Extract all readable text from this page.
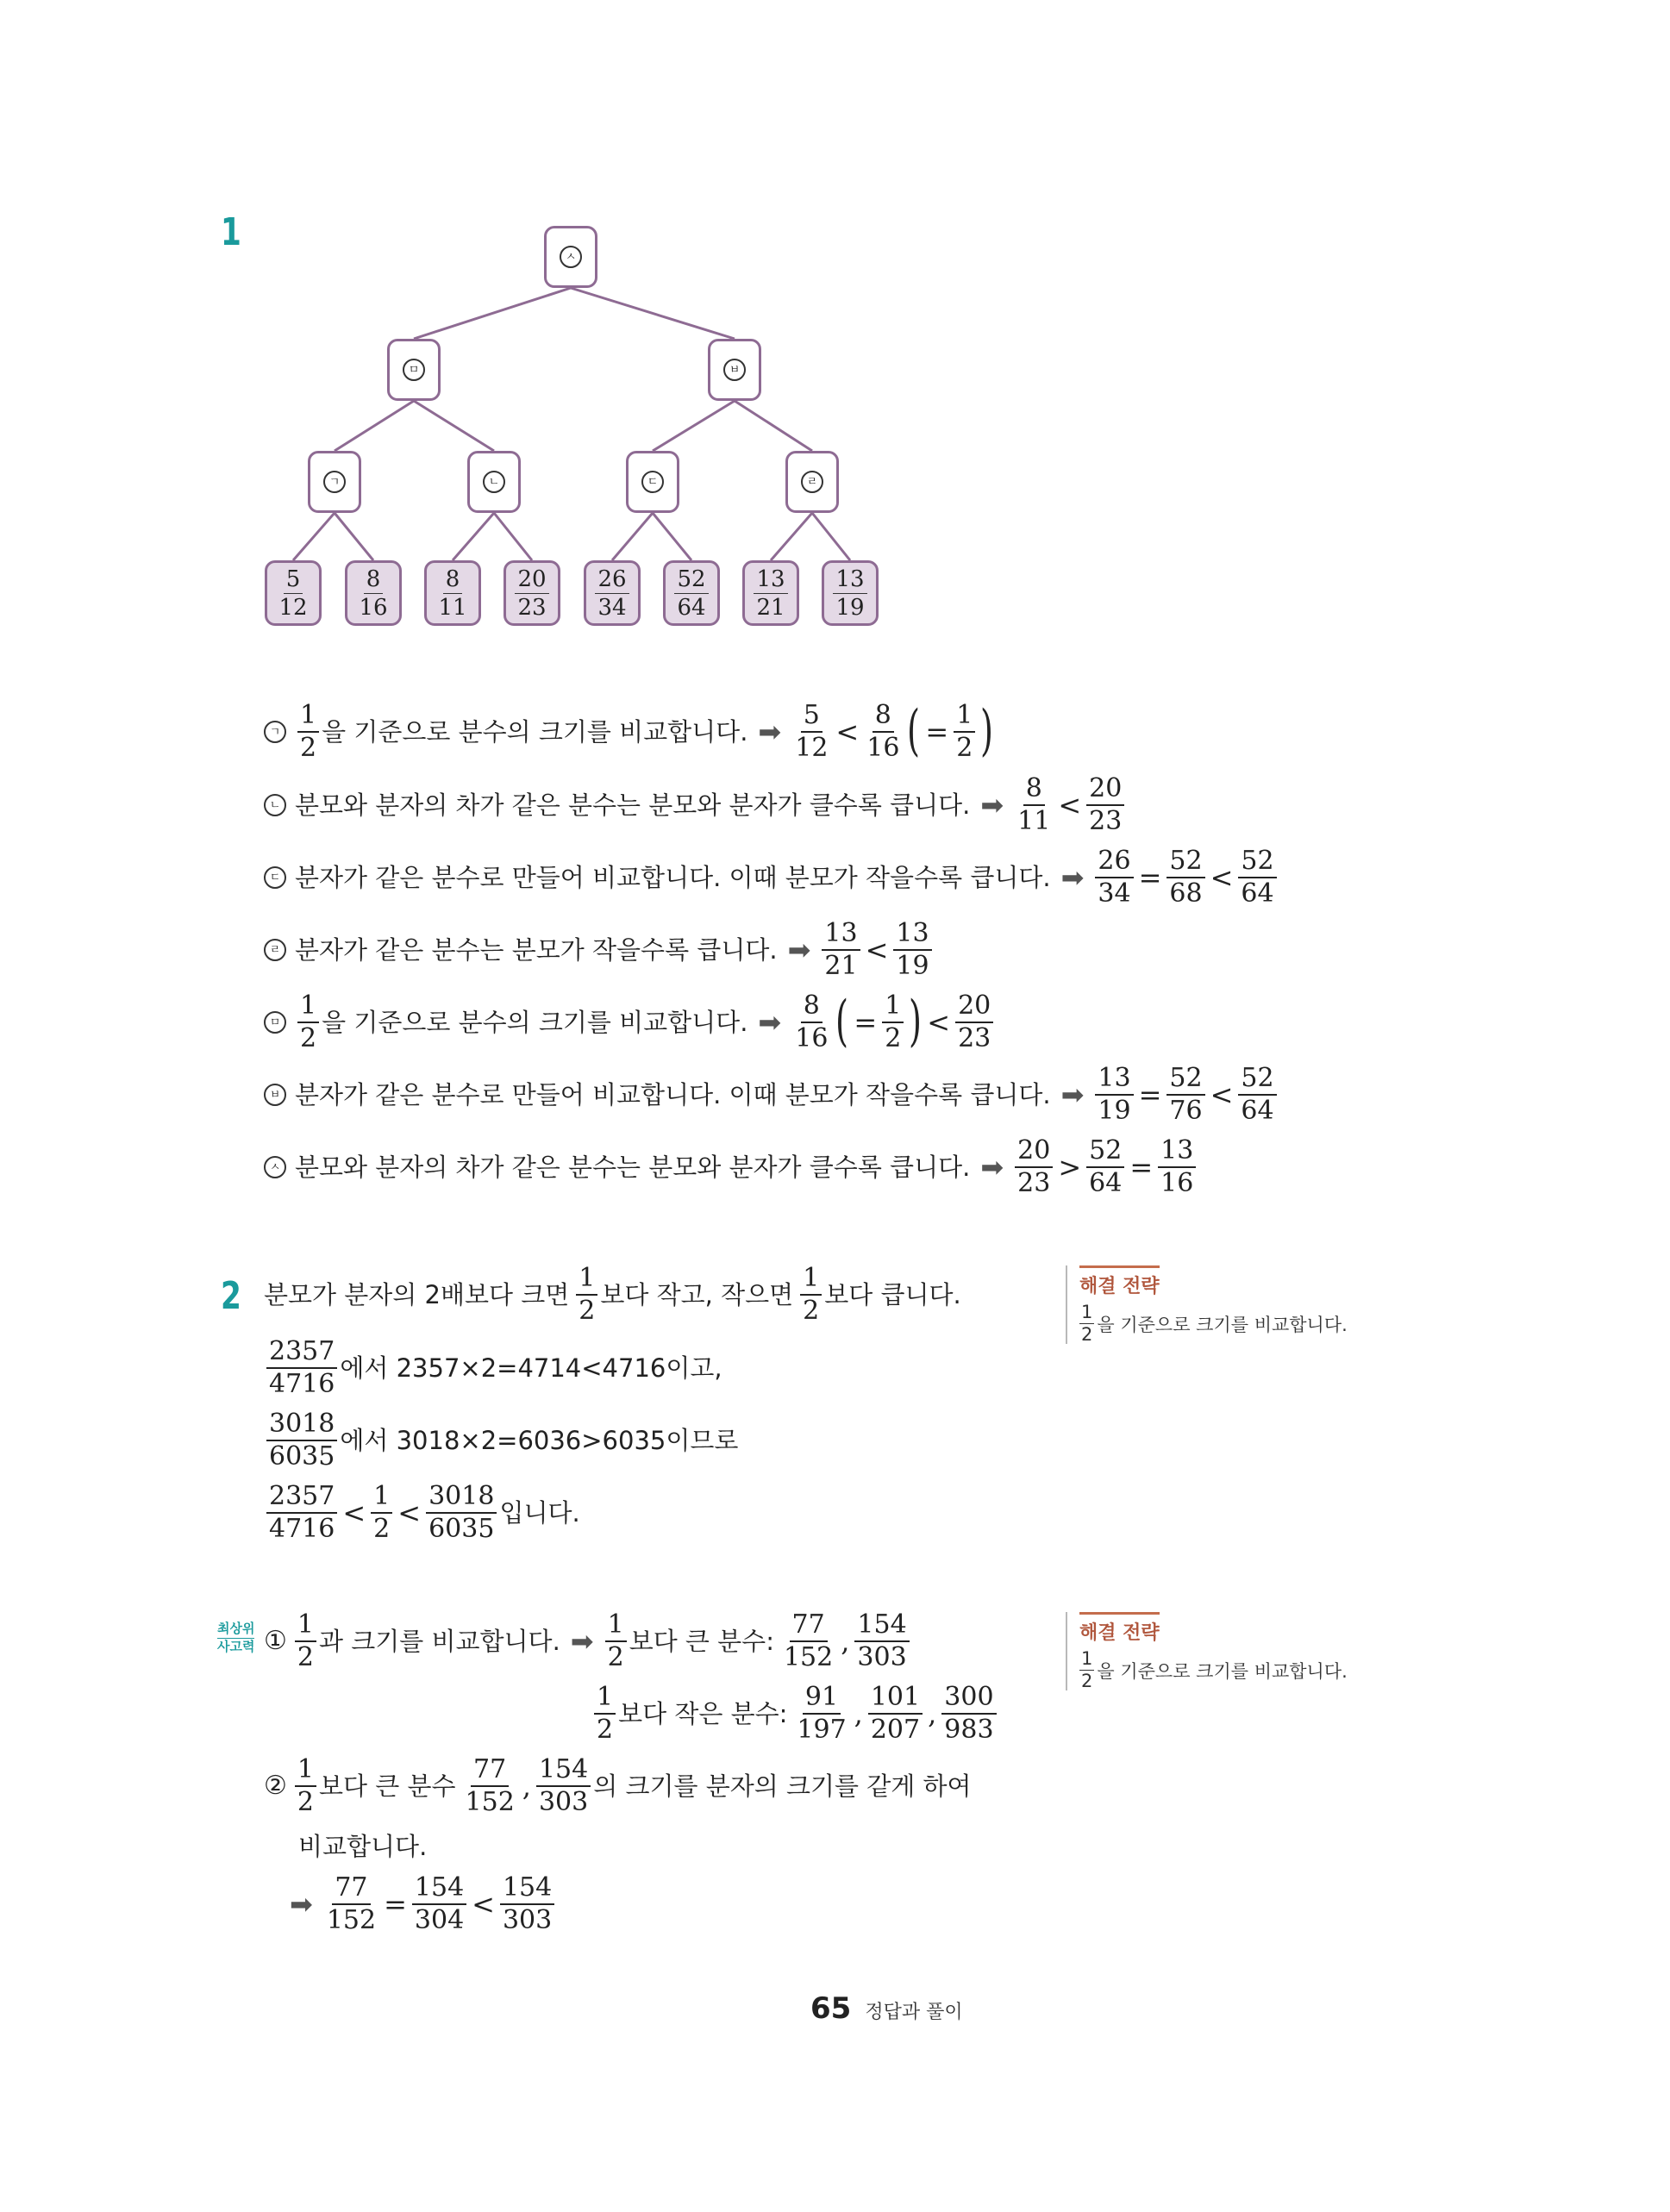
1
ㅅ
ㅁ	ㅂ
ㄱ	ㄴ	ㄷ	ㄹ
$\frac{5}{12} \frac{8}{16} \frac{8}{11} \frac{20}{23} \frac{26}{34} \frac{52}{64} \frac{13}{21} \frac{13}{19}$
ㄱ $\frac{1}{2}$ 을 기준으로 분수의 크기를 비교합니다. ➡ $\frac{5}{12} < \frac{8}{16}$ ( = $\frac{1}{2}$ )
ㄴ 분모와 분자의 차가 같은 분수는 분모와 분자가 클수록 큽니다. ➡ $\frac{8}{11} < \frac{20}{23}$
ㄷ 분자가 같은 분수로 만들어 비교합니다. 이때 분모가 작을수록 큽니다. ➡ $\frac{26}{34} = \frac{52}{68} < \frac{52}{64}$
ㄹ 분자가 같은 분수는 분모가 작을수록 큽니다. ➡ $\frac{13}{21} < \frac{13}{19}$
ㅁ $\frac{1}{2}$ 을 기준으로 분수의 크기를 비교합니다. ➡ $\frac{8}{16}$ ( = $\frac{1}{2}$ ) < $\frac{20}{23}$
ㅂ 분자가 같은 분수로 만들어 비교합니다. 이때 분모가 작을수록 큽니다. ➡ $\frac{13}{19} = \frac{52}{76} < \frac{52}{64}$
ㅅ 분모와 분자의 차가 같은 분수는 분모와 분자가 클수록 큽니다. ➡ $\frac{20}{23} > \frac{52}{64} = \frac{13}{16}$
2 분모가 분자의 2배보다 크면 $\frac{1}{2}$ 보다 작고, 작으면 $\frac{1}{2}$ 보다 큽니다.
$\frac{2357}{4716}$ 에서 2357×2=4714<4716이고,
$\frac{3018}{6035}$ 에서 3018×2=6036>6035이므로
$\frac{2357}{4716} < \frac{1}{2} < \frac{3018}{6035}$ 입니다.
해결 전략
$\frac{1}{2}$ 을 기준으로 크기를 비교합니다.
최상위
사고력 ① $\frac{1}{2}$ 과 크기를 비교합니다. ➡ $\frac{1}{2}$ 보다 큰 분수: $\frac{77}{152}$ , $\frac{154}{303}$
$\frac{1}{2}$ 보다 작은 분수: $\frac{91}{197}$ , $\frac{101}{207}$ , $\frac{300}{983}$
② $\frac{1}{2}$ 보다 큰 분수 $\frac{77}{152}$ , $\frac{154}{303}$ 의 크기를 분자의 크기를 같게 하여
비교합니다.
➡ $\frac{77}{152} = \frac{154}{304} < \frac{154}{303}$
해결 전략
$\frac{1}{2}$ 을 기준으로 크기를 비교합니다.
65 정답과 풀이
